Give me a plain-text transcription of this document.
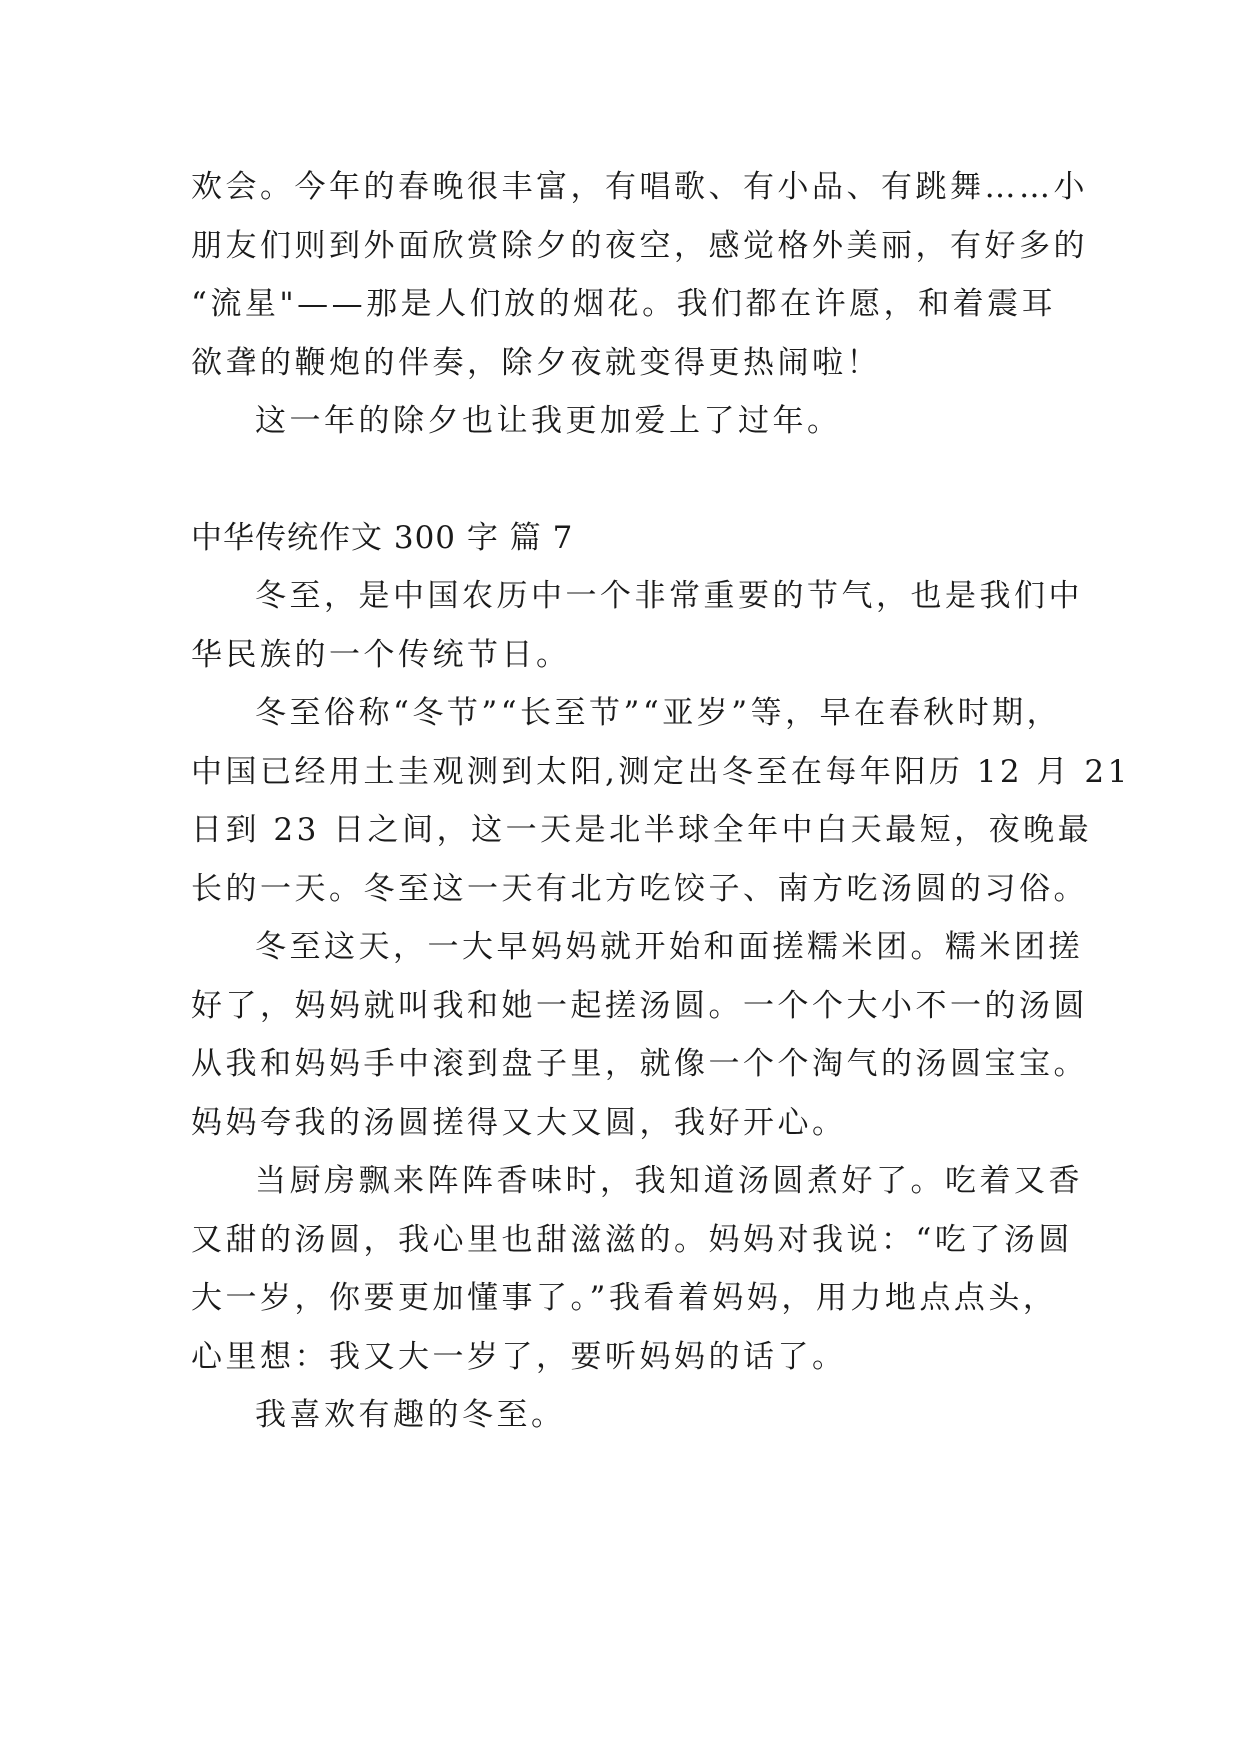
欢会。今年的春晚很丰富，有唱歌、有小品、有跳舞……小
朋友们则到外面欣赏除夕的夜空，感觉格外美丽，有好多的
“流星"——那是人们放的烟花。我们都在许愿，和着震耳
欲聋的鞭炮的伴奏，除夕夜就变得更热闹啦！
这一年的除夕也让我更加爱上了过年。
中华传统作文 300 字 篇 7
冬至，是中国农历中一个非常重要的节气，也是我们中
华民族的一个传统节日。
冬至俗称“冬节”“长至节”“亚岁”等，早在春秋时期，
中国已经用土圭观测到太阳,测定出冬至在每年阳历 12 月 21
日到 23 日之间，这一天是北半球全年中白天最短，夜晚最
长的一天。冬至这一天有北方吃饺子、南方吃汤圆的习俗。
冬至这天，一大早妈妈就开始和面搓糯米团。糯米团搓
好了，妈妈就叫我和她一起搓汤圆。一个个大小不一的汤圆
从我和妈妈手中滚到盘子里，就像一个个淘气的汤圆宝宝。
妈妈夸我的汤圆搓得又大又圆，我好开心。
当厨房飘来阵阵香味时，我知道汤圆煮好了。吃着又香
又甜的汤圆，我心里也甜滋滋的。妈妈对我说：“吃了汤圆
大一岁，你要更加懂事了。”我看着妈妈，用力地点点头，
心里想：我又大一岁了，要听妈妈的话了。
我喜欢有趣的冬至。
